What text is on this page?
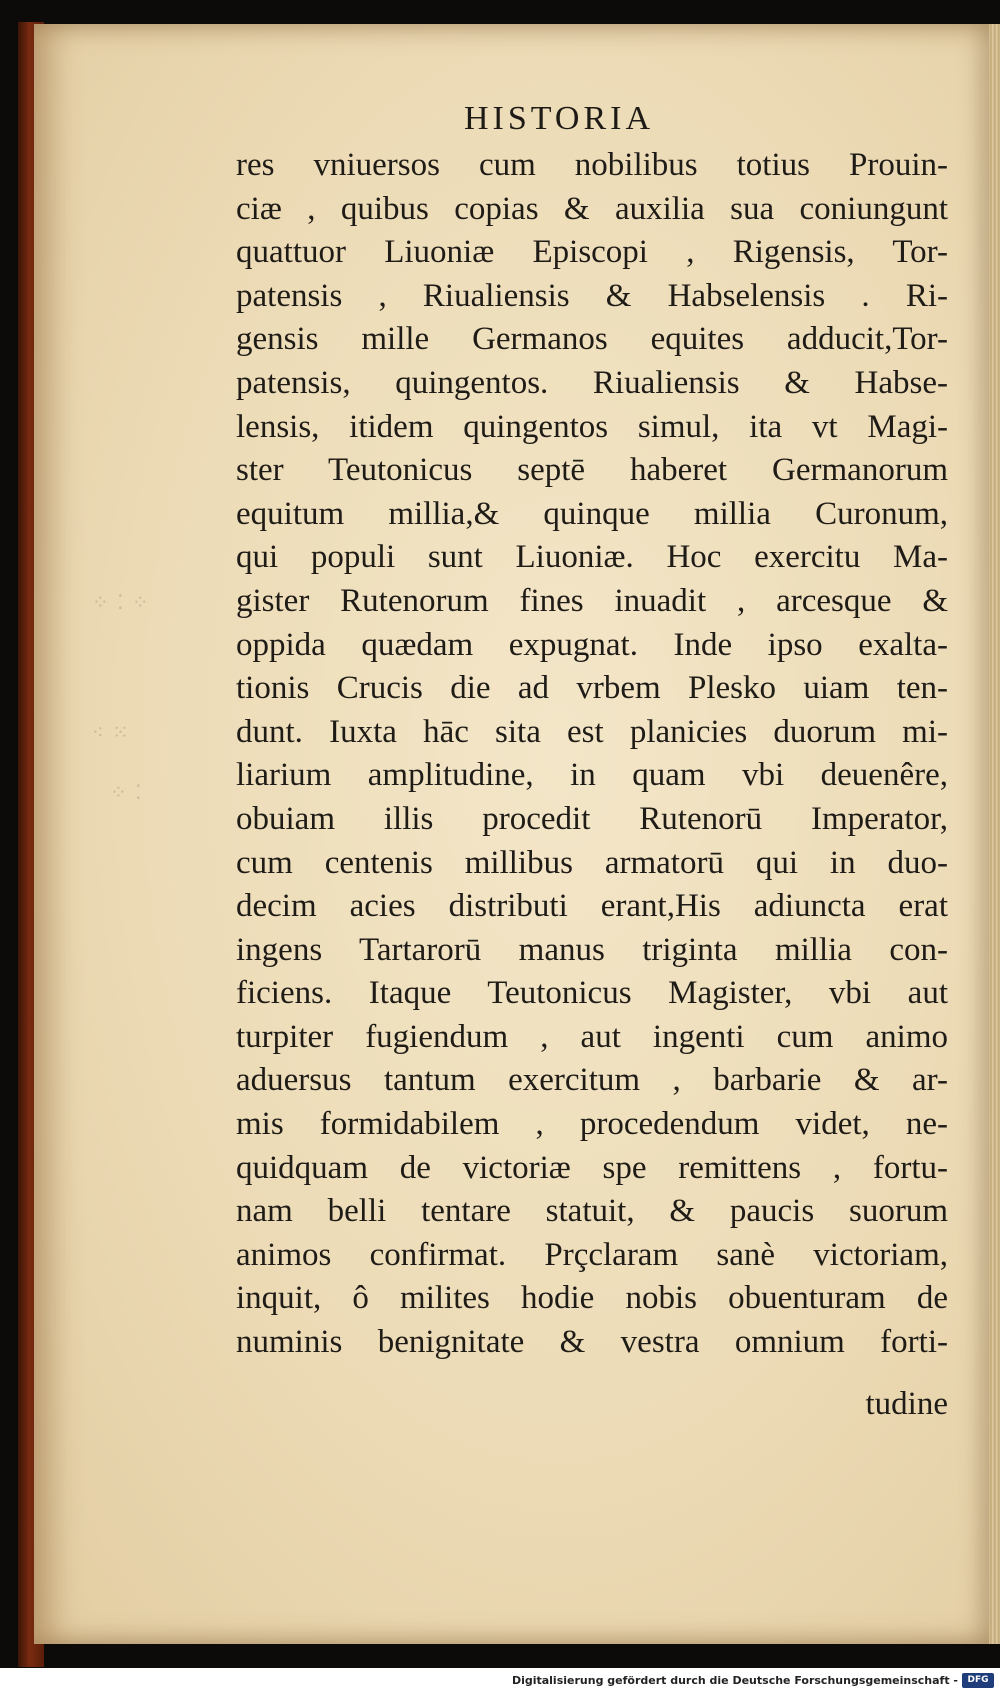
⁘ ⁚ ⁘
⁖ ⁙
⁘ ⁚
HISTORIA
res vniuersos cum nobilibus totius Prouin-
ciæ , quibus copias & auxilia sua coniungunt
quattuor Liuoniæ Episcopi , Rigensis, Tor-
patensis , Riualiensis & Habselensis . Ri-
gensis mille Germanos equites adducit,Tor-
patensis, quingentos. Riualiensis & Habse-
lensis, itidem quingentos simul, ita vt Magi-
ster Teutonicus septē haberet Germanorum
equitum millia,& quinque millia Curonum,
qui populi sunt Liuoniæ. Hoc exercitu Ma-
gister Rutenorum fines inuadit , arcesque &
oppida quædam expugnat. Inde ipso exalta-
tionis Crucis die ad vrbem Plesko uiam ten-
dunt. Iuxta hāc sita est planicies duorum mi-
liarium amplitudine, in quam vbi deuenêre,
obuiam illis procedit Rutenorū Imperator,
cum centenis millibus armatorū qui in duo-
decim acies distributi erant,His adiuncta erat
ingens Tartarorū manus triginta millia con-
ficiens. Itaque Teutonicus Magister, vbi aut
turpiter fugiendum , aut ingenti cum animo
aduersus tantum exercitum , barbarie & ar-
mis formidabilem , procedendum videt, ne-
quidquam de victoriæ spe remittens , fortu-
nam belli tentare statuit, & paucis suorum
animos confirmat. Prçclaram sanè victoriam,
inquit, ô milites hodie nobis obuenturam de
numinis benignitate & vestra omnium forti-
tudine
Digitalisierung gefördert durch die Deutsche Forschungsgemeinschaft -	DFG
